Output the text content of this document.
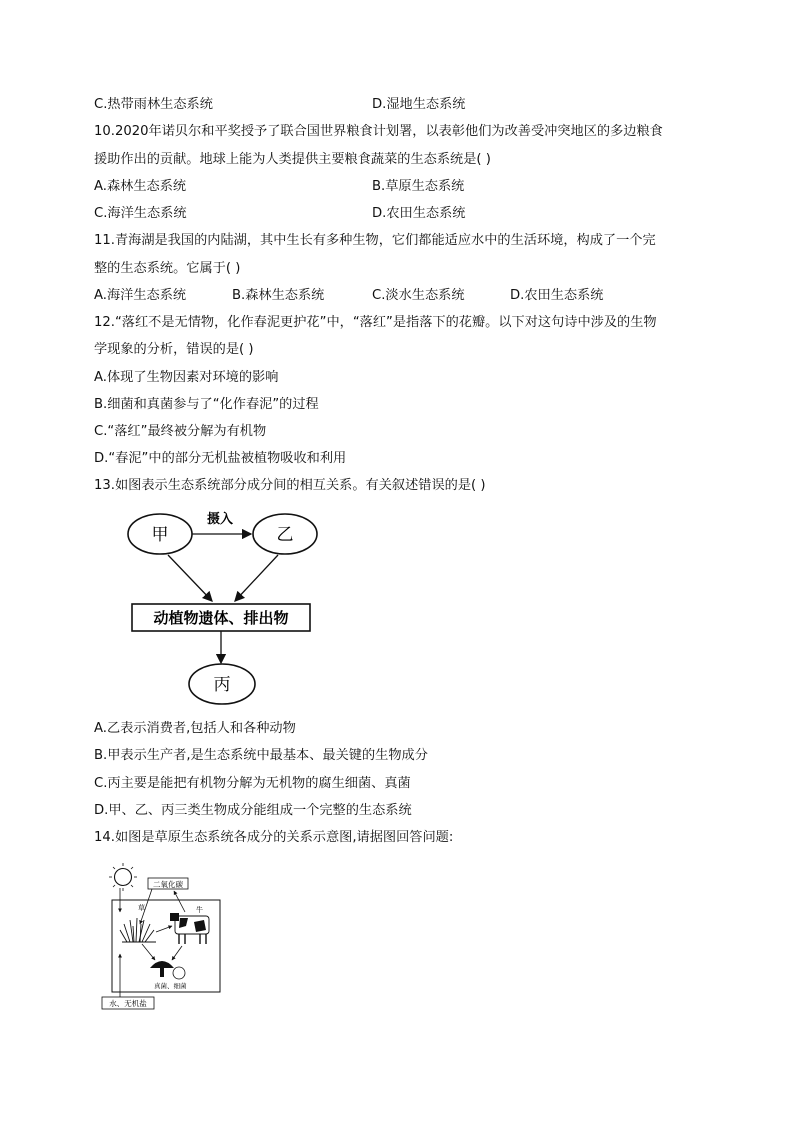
C.热带雨林生态系统	D.湿地生态系统
10.2020年诺贝尔和平奖授予了联合国世界粮食计划署，以表彰他们为改善受冲突地区的多边粮食
援助作出的贡献。地球上能为人类提供主要粮食蔬菜的生态系统是( )
A.森林生态系统	B.草原生态系统
C.海洋生态系统	D.农田生态系统
11.青海湖是我国的内陆湖，其中生长有多种生物，它们都能适应水中的生活环境，构成了一个完
整的生态系统。它属于( )
A.海洋生态系统	B.森林生态系统	C.淡水生态系统	D.农田生态系统
12.“落红不是无情物，化作春泥更护花”中，“落红”是指落下的花瓣。以下对这句诗中涉及的生物
学现象的分析，错误的是( )
A.体现了生物因素对环境的影响
B.细菌和真菌参与了“化作春泥”的过程
C.“落红”最终被分解为有机物
D.“春泥”中的部分无机盐被植物吸收和利用
13.如图表示生态系统部分成分间的相互关系。有关叙述错误的是( )
甲	乙
摄入
动植物遗体、排出物
丙
A.乙表示消费者,包括人和各种动物
B.甲表示生产者,是生态系统中最基本、最关键的生物成分
C.丙主要是能把有机物分解为无机物的腐生细菌、真菌
D.甲、乙、丙三类生物成分能组成一个完整的生态系统
14.如图是草原生态系统各成分的关系示意图,请据图回答问题:
二氧化碳
草	牛
真菌、细菌
水、无机盐
